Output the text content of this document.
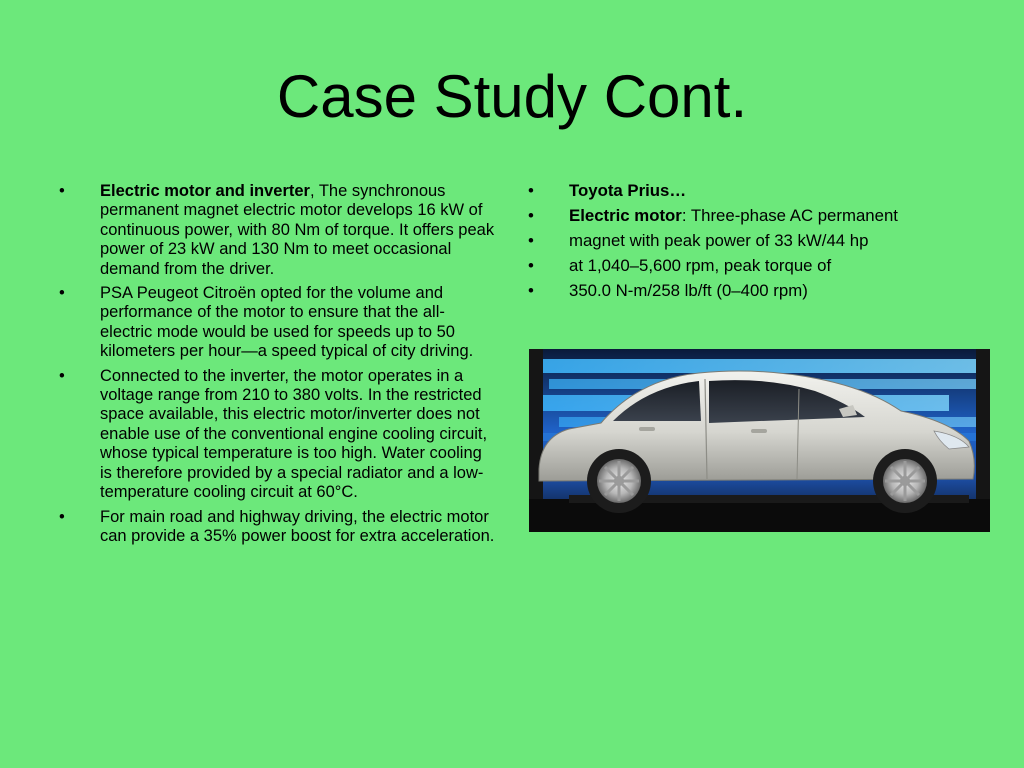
Case Study Cont.
• Electric motor and inverter, The synchronous permanent magnet electric motor develops 16 kW of continuous power, with 80 Nm of torque. It offers peak power of 23 kW and 130 Nm to meet occasional demand from the driver.
• PSA Peugeot Citroën opted for the volume and performance of the motor to ensure that the all-electric mode would be used for speeds up to 50 kilometers per hour—a speed typical of city driving.
• Connected to the inverter, the motor operates in a voltage range from 210 to 380 volts. In the restricted space available, this electric motor/inverter does not enable use of the conventional engine cooling circuit, whose typical temperature is too high. Water cooling is therefore provided by a special radiator and a low-temperature cooling circuit at 60°C.
• For main road and highway driving, the electric motor can provide a 35% power boost for extra acceleration.
• Toyota Prius…
• Electric motor: Three-phase AC permanent
• magnet with peak power of 33 kW/44 hp
• at 1,040–5,600 rpm, peak torque of
• 350.0 N-m/258 lb/ft (0–400 rpm)
